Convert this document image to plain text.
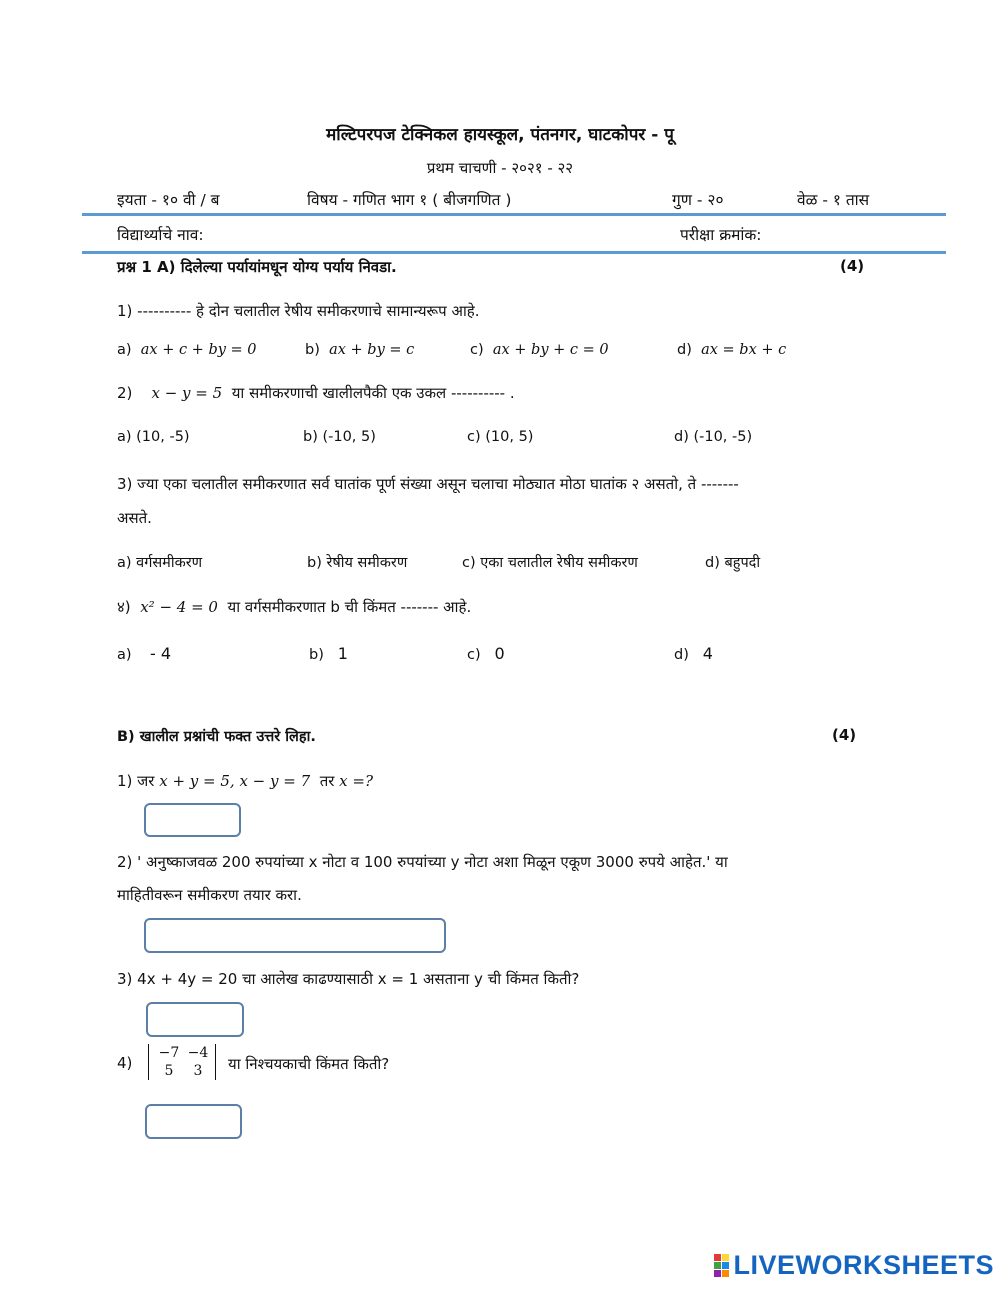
मल्टिपरपज टेक्निकल हायस्कूल, पंतनगर, घाटकोपर - पू
प्रथम चाचणी - २०२१ - २२
इयता - १० वी / ब	विषय - गणित भाग १ ( बीजगणित )	गुण - २०	वेळ - १ तास
विद्यार्थ्याचे नाव:	परीक्षा क्रमांक:
प्रश्न 1 A) दिलेल्या पर्यायांमधून योग्य पर्याय निवडा.	(4)
1) ---------- हे दोन चलातील रेषीय समीकरणाचे सामान्यरूप आहे.
a) ax + c + by = 0	b) ax + by = c	c) ax + by + c = 0	d) ax = bx + c
2) x − y = 5 या समीकरणाची खालीलपैकी एक उकल ---------- .
a) (10, -5)	b) (-10, 5)	c) (10, 5)	d) (-10, -5)
3) ज्या एका चलातील समीकरणात सर्व घातांक पूर्ण संख्या असून चलाचा मोठ्यात मोठा घातांक २ असतो, ते -------
असते.
a) वर्गसमीकरण	b) रेषीय समीकरण	c) एका चलातील रेषीय समीकरण	d) बहुपदी
४) x² − 4 = 0 या वर्गसमीकरणात b ची किंमत ------- आहे.
a) - 4	b) 1	c) 0	d) 4
B) खालील प्रश्नांची फक्त उत्तरे लिहा.	(4)
1) जर x + y = 5, x − y = 7 तर x =?
2) ' अनुष्काजवळ 200 रुपयांच्या x नोटा व 100 रुपयांच्या y नोटा अशा मिळून एकूण 3000 रुपये आहेत.' या
माहितीवरून समीकरण तयार करा.
3) 4x + 4y = 20 चा आलेख काढण्यासाठी x = 1 असताना y ची किंमत किती?
4)
−7 −4
5	3	या निश्चयकाची किंमत किती?
LIVEWORKSHEETS
